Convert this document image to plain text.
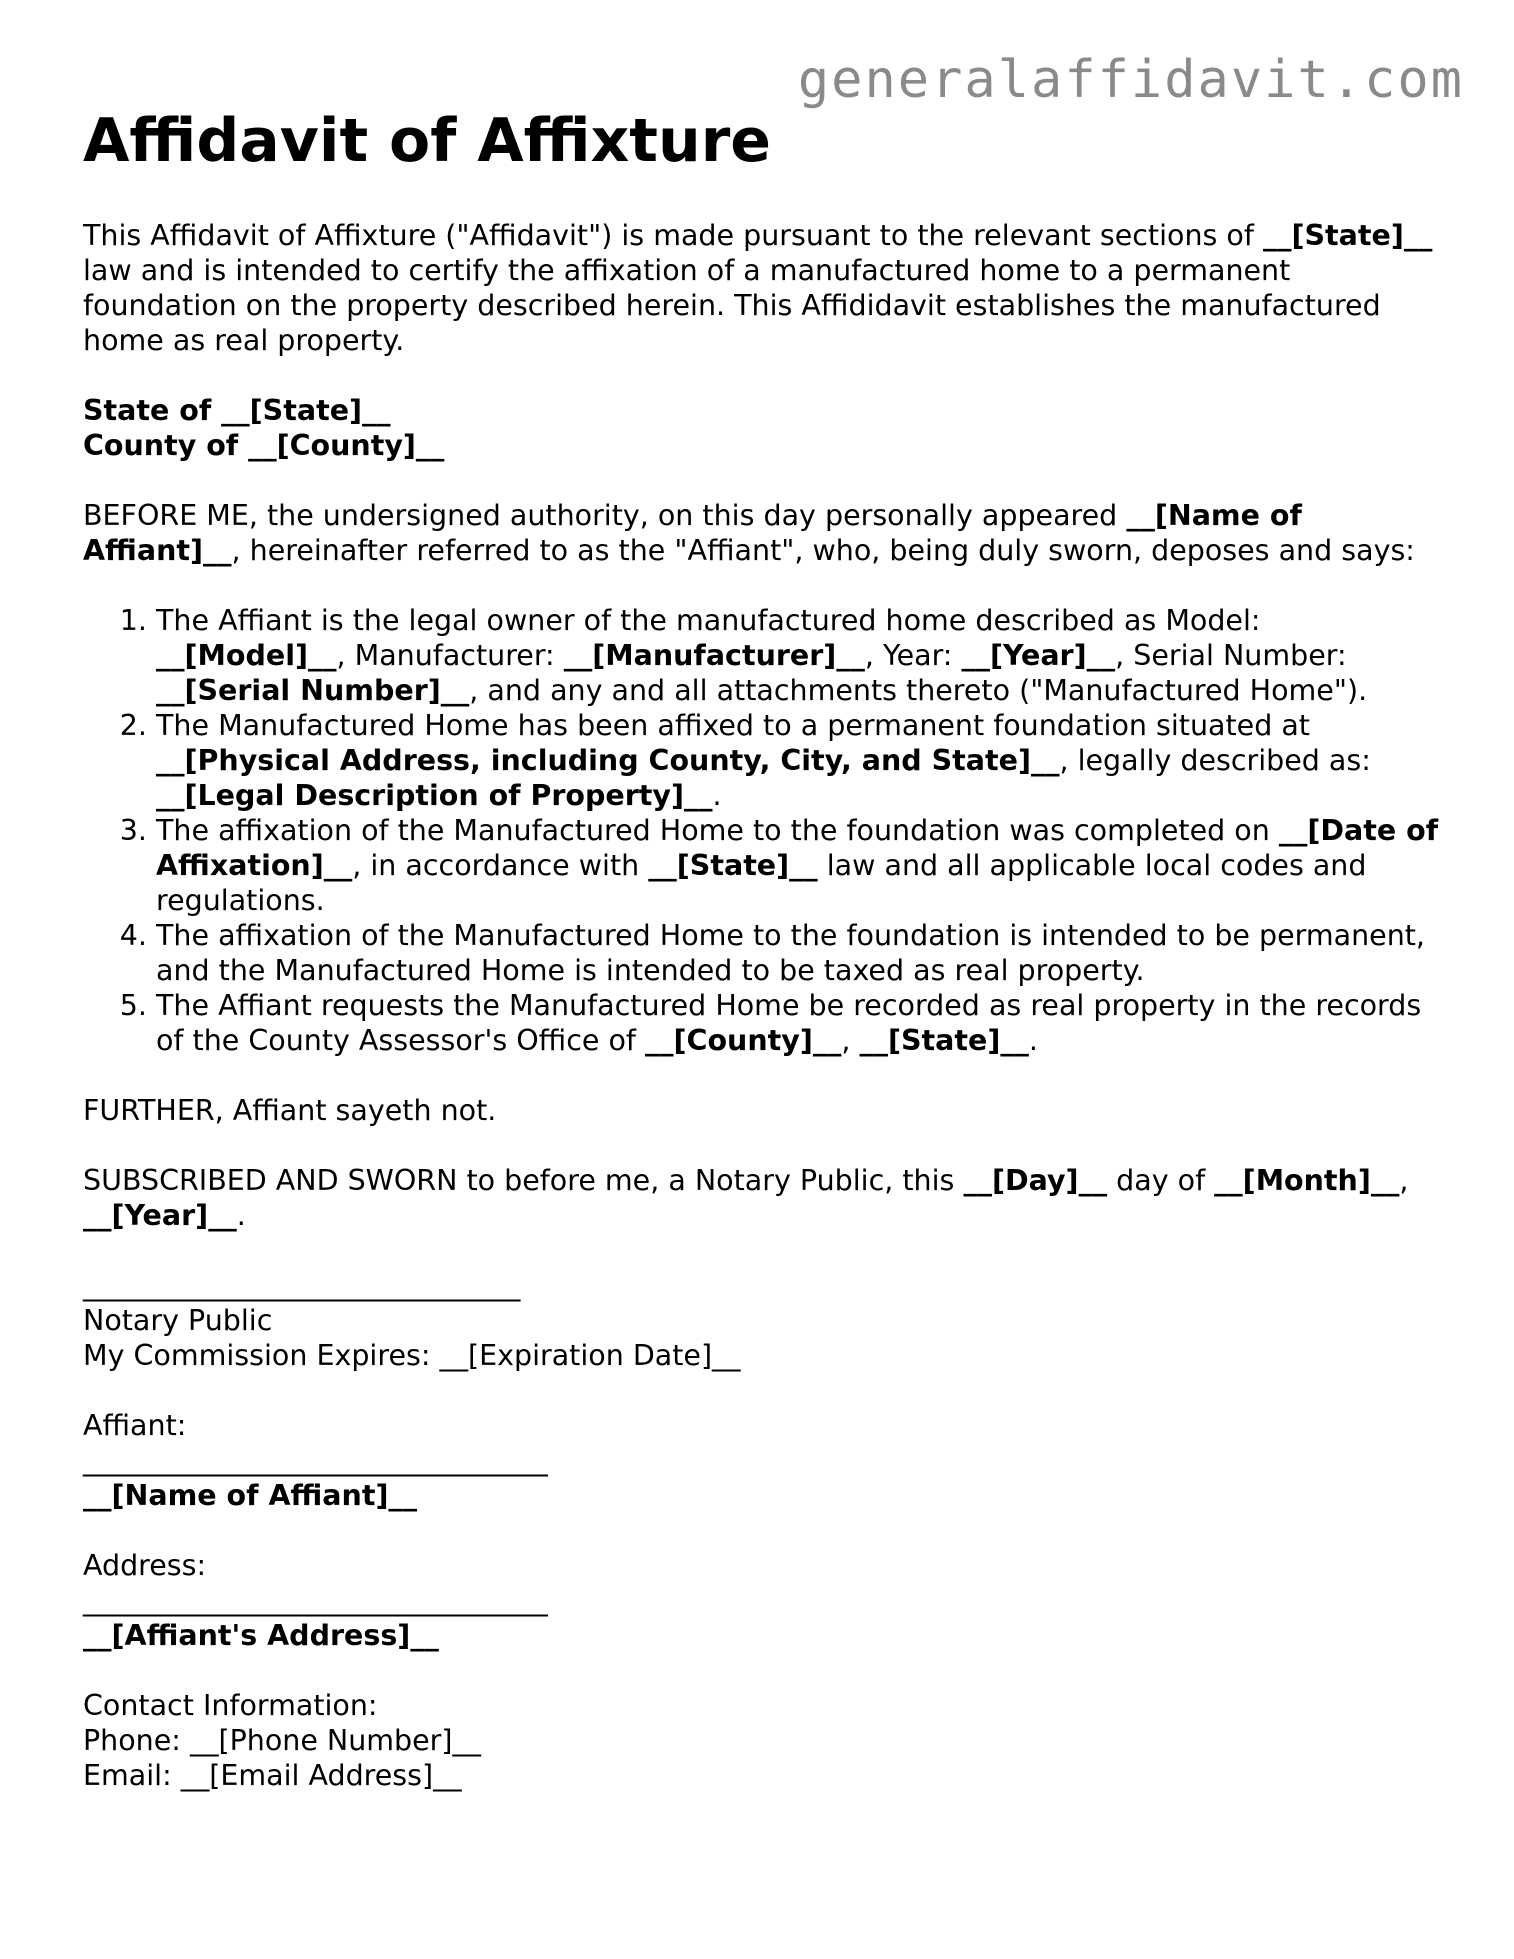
generalaffidavit.com
Affidavit of Affixture

This Affidavit of Affixture ("Affidavit") is made pursuant to the relevant sections of __[State]__ law and is intended to certify the affixation of a manufactured home to a permanent foundation on the property described herein. This Affididavit establishes the manufactured home as real property.

State of __[State]__
County of __[County]__

BEFORE ME, the undersigned authority, on this day personally appeared __[Name of Affiant]__, hereinafter referred to as the "Affiant", who, being duly sworn, deposes and says:

1. The Affiant is the legal owner of the manufactured home described as Model: __[Model]__, Manufacturer: __[Manufacturer]__, Year: __[Year]__, Serial Number: __[Serial Number]__, and any and all attachments thereto ("Manufactured Home").
2. The Manufactured Home has been affixed to a permanent foundation situated at __[Physical Address, including County, City, and State]__, legally described as: __[Legal Description of Property]__.
3. The affixation of the Manufactured Home to the foundation was completed on __[Date of Affixation]__, in accordance with __[State]__ law and all applicable local codes and regulations.
4. The affixation of the Manufactured Home to the foundation is intended to be permanent, and the Manufactured Home is intended to be taxed as real property.
5. The Affiant requests the Manufactured Home be recorded as real property in the records of the County Assessor's Office of __[County]__, __[State]__.

FURTHER, Affiant sayeth not.

SUBSCRIBED AND SWORN to before me, a Notary Public, this __[Day]__ day of __[Month]__, __[Year]__.

________________________________
Notary Public
My Commission Expires: __[Expiration Date]__
Affiant:
__________________________________
__[Name of Affiant]__
Address:
__________________________________
__[Affiant's Address]__
Contact Information:
Phone: __[Phone Number]__
Email: __[Email Address]__
